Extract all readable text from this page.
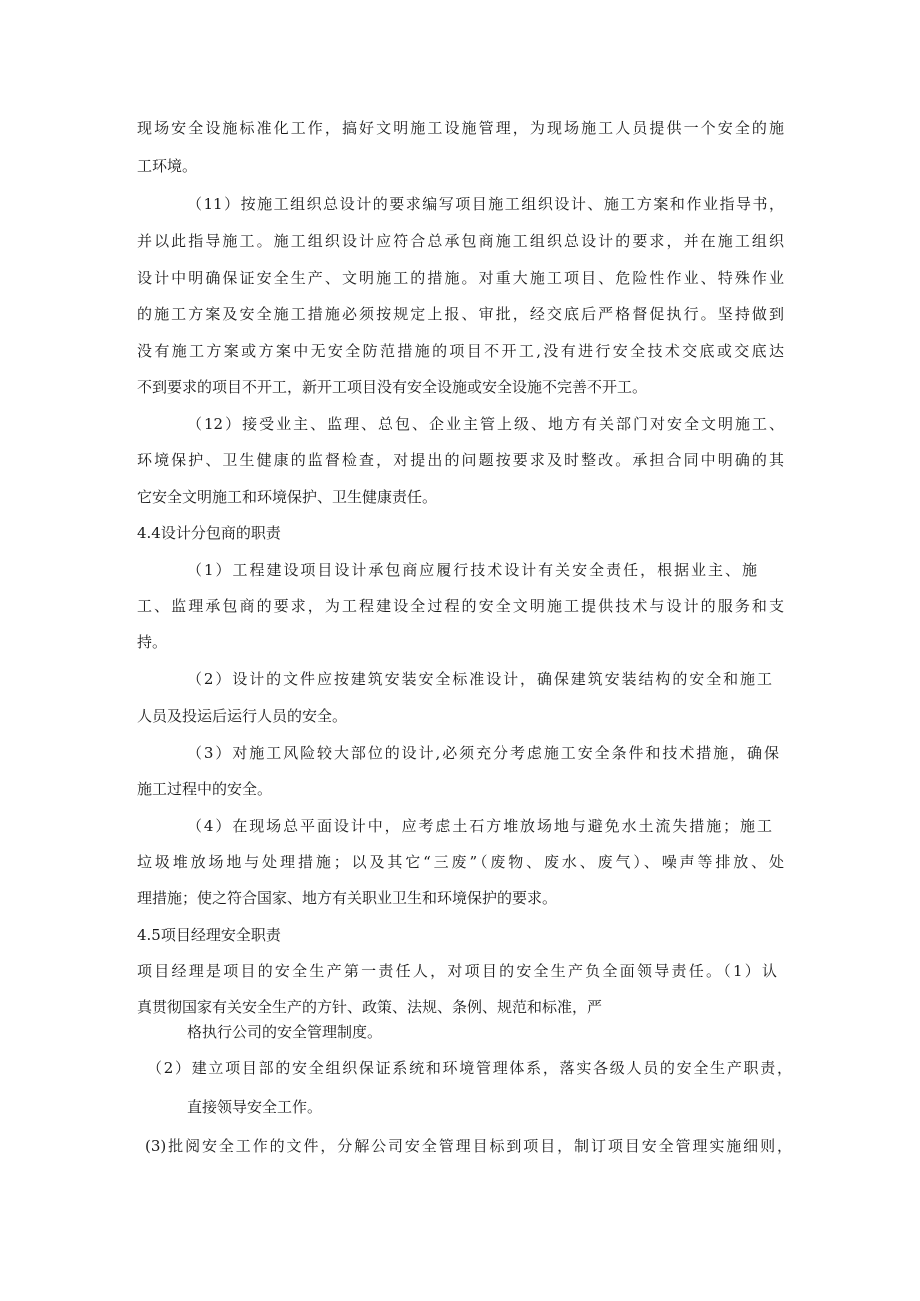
现场安全设施标准化工作，搞好文明施工设施管理，为现场施工人员提供一个安全的施
工环境。
（11）按施工组织总设计的要求编写项目施工组织设计、施工方案和作业指导书，
并以此指导施工。施工组织设计应符合总承包商施工组织总设计的要求，并在施工组织
设计中明确保证安全生产、文明施工的措施。对重大施工项目、危险性作业、特殊作业
的施工方案及安全施工措施必须按规定上报、审批，经交底后严格督促执行。坚持做到
没有施工方案或方案中无安全防范措施的项目不开工,没有进行安全技术交底或交底达
不到要求的项目不开工，新开工项目没有安全设施或安全设施不完善不开工。
（12）接受业主、监理、总包、企业主管上级、地方有关部门对安全文明施工、
环境保护、卫生健康的监督检查，对提出的问题按要求及时整改。承担合同中明确的其
它安全文明施工和环境保护、卫生健康责任。
4.4设计分包商的职责
（1）工程建设项目设计承包商应履行技术设计有关安全责任，根据业主、施
工、监理承包商的要求，为工程建设全过程的安全文明施工提供技术与设计的服务和支
持。
（2）设计的文件应按建筑安装安全标准设计，确保建筑安装结构的安全和施工
人员及投运后运行人员的安全。
（3）对施工风险较大部位的设计,必须充分考虑施工安全条件和技术措施，确保
施工过程中的安全。
（4）在现场总平面设计中，应考虑土石方堆放场地与避免水土流失措施；施工
垃圾堆放场地与处理措施；以及其它“三废”（废物、废水、废气）、噪声等排放、处
理措施；使之符合国家、地方有关职业卫生和环境保护的要求。
4.5项目经理安全职责
项目经理是项目的安全生产第一责任人，对项目的安全生产负全面领导责任。（1）认
真贯彻国家有关安全生产的方针、政策、法规、条例、规范和标准，严
格执行公司的安全管理制度。
（2）建立项目部的安全组织保证系统和环境管理体系，落实各级人员的安全生产职责，
直接领导安全工作。
(3)批阅安全工作的文件，分解公司安全管理目标到项目，制订项目安全管理实施细则，
